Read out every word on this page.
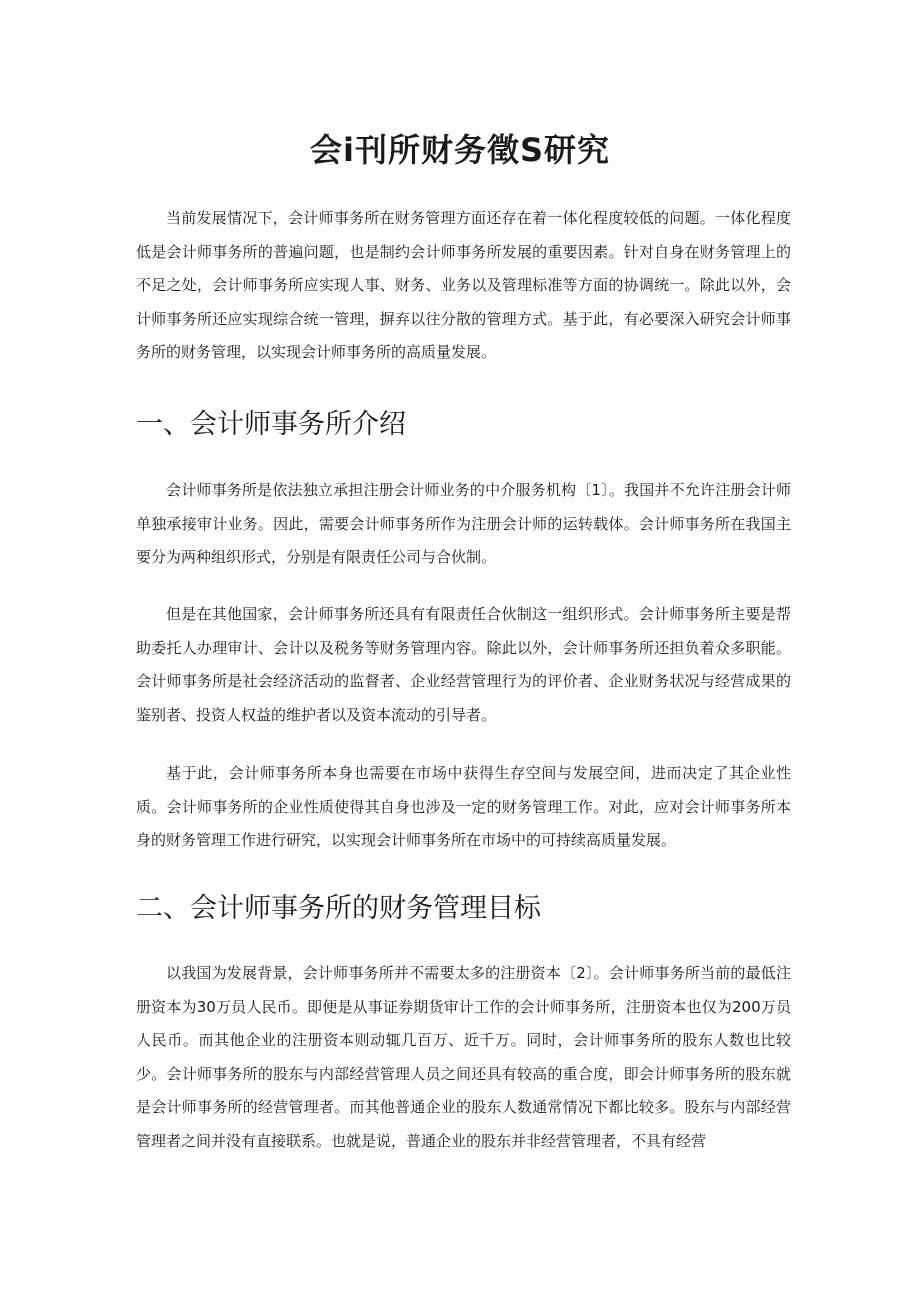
会i刊所财务徵S研究

当前发展情况下，会计师事务所在财务管理方面还存在着一体化程度较低的问题。一体化程度低是会计师事务所的普遍问题，也是制约会计师事务所发展的重要因素。针对自身在财务管理上的不足之处，会计师事务所应实现人事、财务、业务以及管理标准等方面的协调统一。除此以外，会计师事务所还应实现综合统一管理，摒弃以往分散的管理方式。基于此，有必要深入研究会计师事务所的财务管理，以实现会计师事务所的高质量发展。

一、会计师事务所介绍

会计师事务所是依法独立承担注册会计师业务的中介服务机构〔1〕。我国并不允许注册会计师单独承接审计业务。因此，需要会计师事务所作为注册会计师的运转载体。会计师事务所在我国主要分为两种组织形式，分别是有限责任公司与合伙制。

但是在其他国家，会计师事务所还具有有限责任合伙制这一组织形式。会计师事务所主要是帮助委托人办理审计、会计以及税务等财务管理内容。除此以外，会计师事务所还担负着众多职能。会计师事务所是社会经济活动的监督者、企业经营管理行为的评价者、企业财务状况与经营成果的鉴别者、投资人权益的维护者以及资本流动的引导者。

基于此，会计师事务所本身也需要在市场中获得生存空间与发展空间，进而决定了其企业性质。会计师事务所的企业性质使得其自身也涉及一定的财务管理工作。对此，应对会计师事务所本身的财务管理工作进行研究，以实现会计师事务所在市场中的可持续高质量发展。

二、会计师事务所的财务管理目标

以我国为发展背景，会计师事务所并不需要太多的注册资本〔2〕。会计师事务所当前的最低注册资本为30万员人民币。即便是从事证券期货审计工作的会计师事务所，注册资本也仅为200万员人民币。而其他企业的注册资本则动辄几百万、近千万。同时，会计师事务所的股东人数也比较少。会计师事务所的股东与内部经营管理人员之间还具有较高的重合度，即会计师事务所的股东就是会计师事务所的经营管理者。而其他普通企业的股东人数通常情况下都比较多。股东与内部经营管理者之间并没有直接联系。也就是说，普通企业的股东并非经营管理者，不具有经营
